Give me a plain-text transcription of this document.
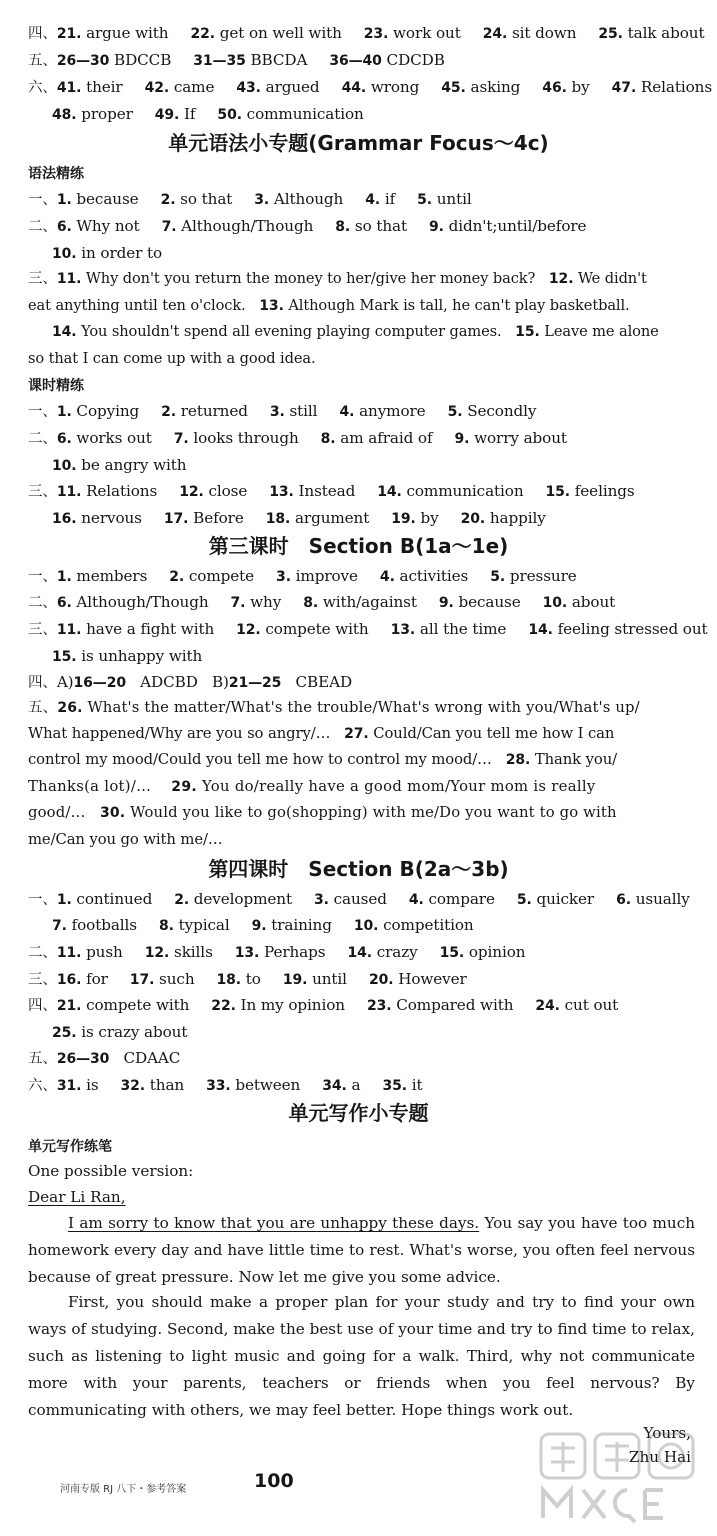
四、21. argue with 22. get on well with 23. work out 24. sit down 25. talk about
五、26—30 BDCCB 31—35 BBCDA 36—40 CDCDB
六、41. their 42. came 43. argued 44. wrong 45. asking 46. by 47. Relations
48. proper 49. If 50. communication
单元语法小专题(Grammar Focus～4c)
语法精练
一、1. because 2. so that 3. Although 4. if 5. until
二、6. Why not 7. Although/Though 8. so that 9. didn't;until/before
10. in order to
三、11. Why don't you return the money to her/give her money back? 12. We didn't
eat anything until ten o'clock. 13. Although Mark is tall, he can't play basketball.
14. You shouldn't spend all evening playing computer games. 15. Leave me alone
so that I can come up with a good idea.
课时精练
一、1. Copying 2. returned 3. still 4. anymore 5. Secondly
二、6. works out 7. looks through 8. am afraid of 9. worry about
10. be angry with
三、11. Relations 12. close 13. Instead 14. communication 15. feelings
16. nervous 17. Before 18. argument 19. by 20. happily
第三课时　Section B(1a～1e)
一、1. members 2. compete 3. improve 4. activities 5. pressure
二、6. Although/Though 7. why 8. with/against 9. because 10. about
三、11. have a fight with 12. compete with 13. all the time 14. feeling stressed out
15. is unhappy with
四、A)16—20 ADCBD B)21—25 CBEAD
五、26. What's the matter/What's the trouble/What's wrong with you/What's up/
What happened/Why are you so angry/… 27. Could/Can you tell me how I can
control my mood/Could you tell me how to control my mood/… 28. Thank you/
Thanks(a lot)/… 29. You do/really have a good mom/Your mom is really
good/… 30. Would you like to go(shopping) with me/Do you want to go with
me/Can you go with me/…
第四课时　Section B(2a～3b)
一、1. continued 2. development 3. caused 4. compare 5. quicker 6. usually
7. footballs 8. typical 9. training 10. competition
二、11. push 12. skills 13. Perhaps 14. crazy 15. opinion
三、16. for 17. such 18. to 19. until 20. However
四、21. compete with 22. In my opinion 23. Compared with 24. cut out
25. is crazy about
五、26—30 CDAAC
六、31. is 32. than 33. between 34. a 35. it
单元写作小专题
单元写作练笔
One possible version:
Dear Li Ran,
I am sorry to know that you are unhappy these days. You say you have too much homework every day and have little time to rest. What's worse, you often feel nervous because of great pressure. Now let me give you some advice.
First, you should make a proper plan for your study and try to find your own ways of studying. Second, make the best use of your time and try to find time to relax, such as listening to light music and going for a walk. Third, why not communicate more with your parents, teachers or friends when you feel nervous? By communicating with others, we may feel better. Hope things work out.
Yours,
Zhu Hai
河南专版 RJ 八下・参考答案	100
